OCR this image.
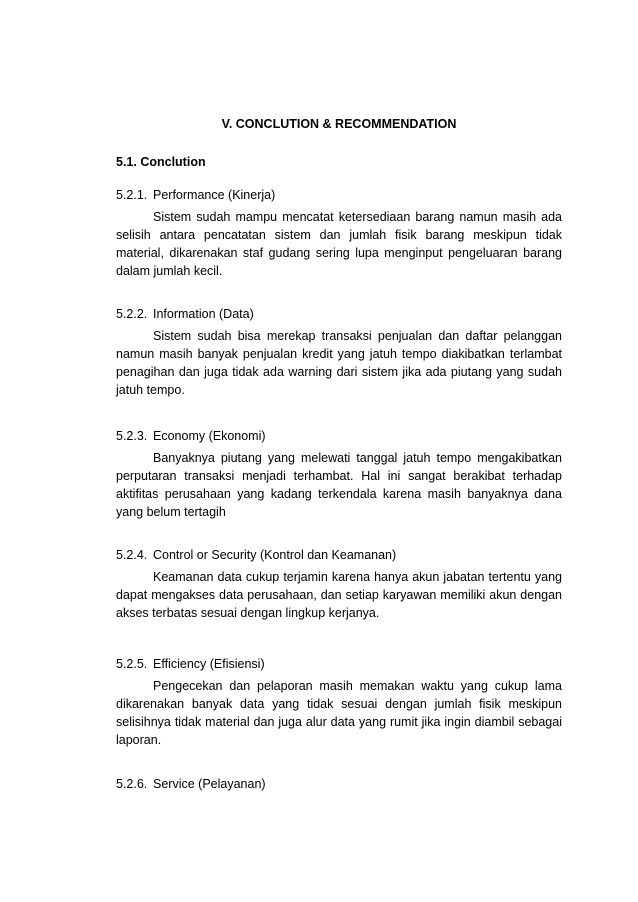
V. CONCLUTION & RECOMMENDATION
5.1. Conclution
5.2.1. Performance (Kinerja)

Sistem sudah mampu mencatat ketersediaan barang namun masih ada selisih antara pencatatan sistem dan jumlah fisik barang meskipun tidak material, dikarenakan staf gudang sering lupa menginput pengeluaran barang dalam jumlah kecil.

5.2.2. Information (Data)

Sistem sudah bisa merekap transaksi penjualan dan daftar pelanggan namun masih banyak penjualan kredit yang jatuh tempo diakibatkan terlambat penagihan dan juga tidak ada warning dari sistem jika ada piutang yang sudah jatuh tempo.

5.2.3. Economy (Ekonomi)

Banyaknya piutang yang melewati tanggal jatuh tempo mengakibatkan perputaran transaksi menjadi terhambat. Hal ini sangat berakibat terhadap aktifitas perusahaan yang kadang terkendala karena masih banyaknya dana yang belum tertagih

5.2.4. Control or Security (Kontrol dan Keamanan)

Keamanan data cukup terjamin karena hanya akun jabatan tertentu yang dapat mengakses data perusahaan, dan setiap karyawan memiliki akun dengan akses terbatas sesuai dengan lingkup kerjanya.

5.2.5. Efficiency (Efisiensi)

Pengecekan dan pelaporan masih memakan waktu yang cukup lama dikarenakan banyak data yang tidak sesuai dengan jumlah fisik meskipun selisihnya tidak material dan juga alur data yang rumit jika ingin diambil sebagai laporan.

5.2.6. Service (Pelayanan)
